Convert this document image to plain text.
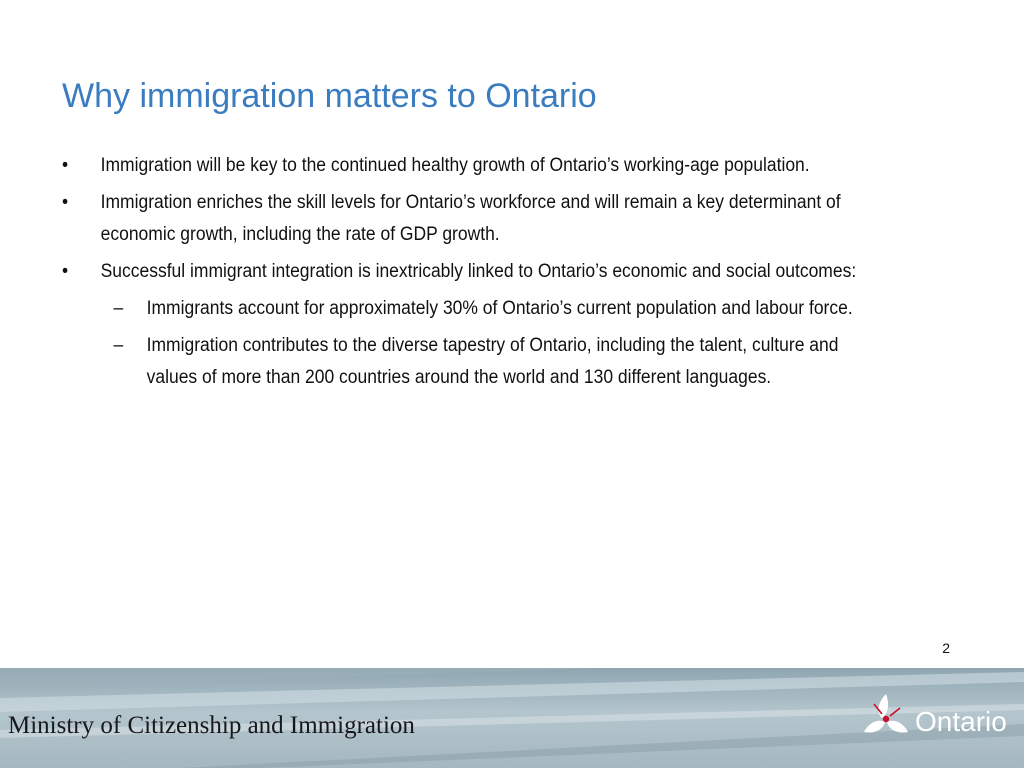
Why immigration matters to Ontario
• Immigration will be key to the continued healthy growth of Ontario’s working-age population.
• Immigration enriches the skill levels for Ontario’s workforce and will remain a key determinant of economic growth, including the rate of GDP growth.
• Successful immigrant integration is inextricably linked to Ontario’s economic and social outcomes:
– Immigrants account for approximately 30% of Ontario’s current population and labour force.
– Immigration contributes to the diverse tapestry of Ontario, including the talent, culture and values of more than 200 countries around the world and 130 different languages.
2
Ministry of Citizenship and Immigration	Ontario
